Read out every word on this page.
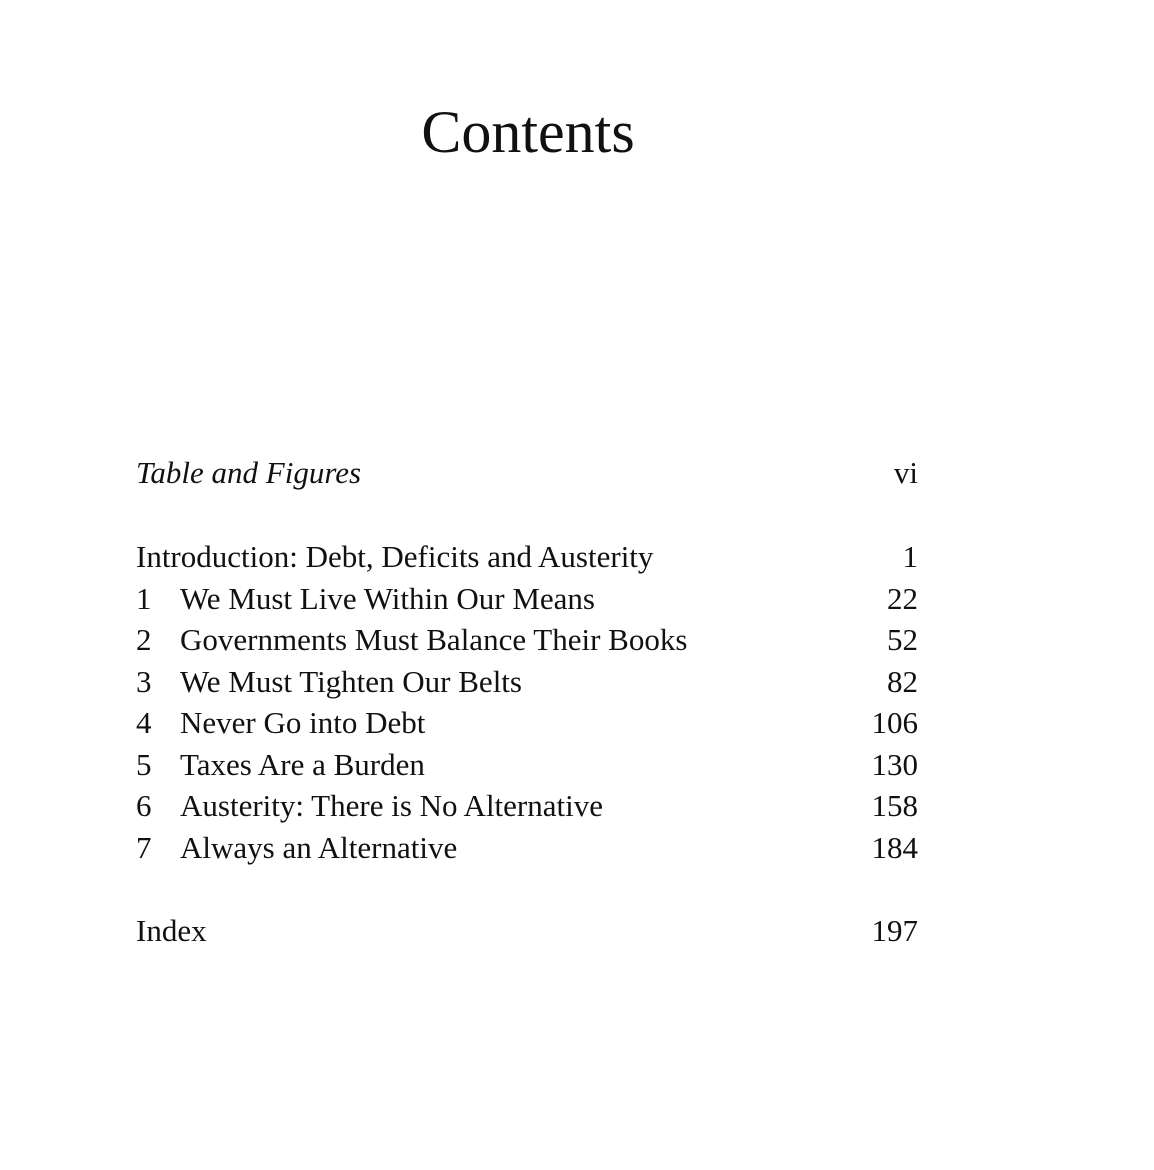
Contents
Table and Figures	vi
Introduction: Debt, Deficits and Austerity	1
1 We Must Live Within Our Means	22
2 Governments Must Balance Their Books	52
3 We Must Tighten Our Belts	82
4 Never Go into Debt	106
5 Taxes Are a Burden	130
6 Austerity: There is No Alternative	158
7 Always an Alternative	184
Index	197
